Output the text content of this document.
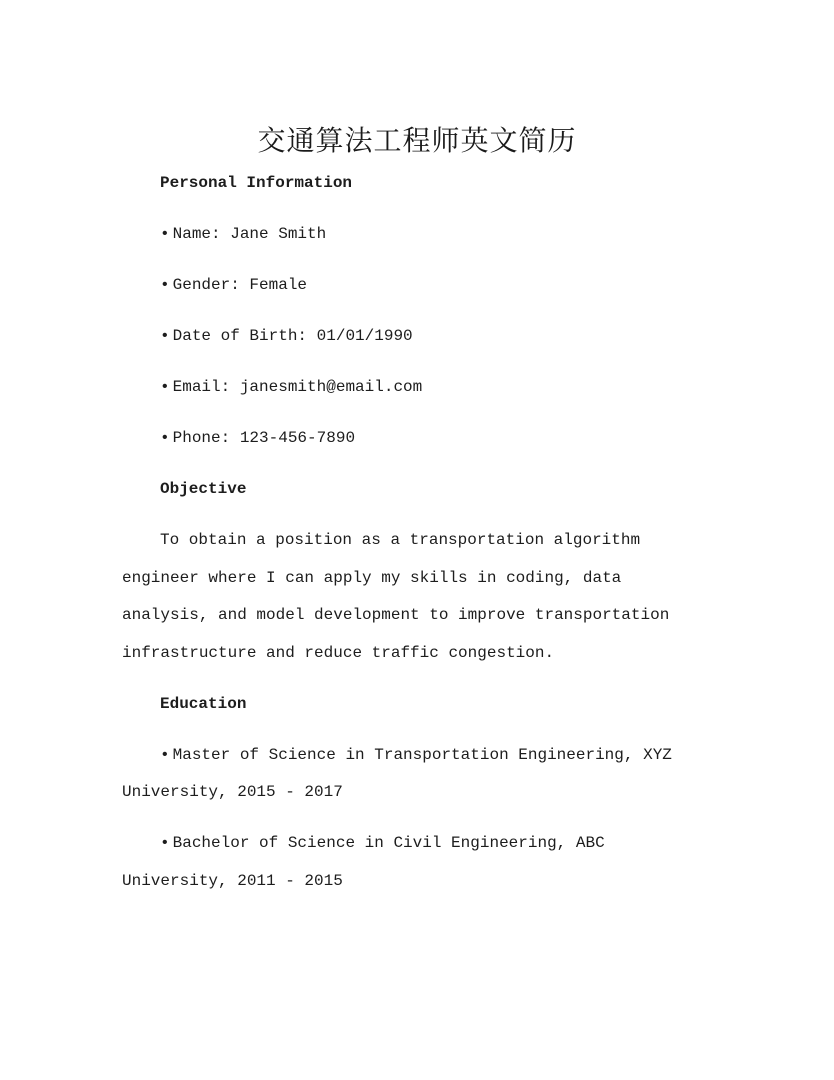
交通算法工程师英文简历
Personal Information

• Name: Jane Smith

• Gender: Female

• Date of Birth: 01/01/1990

• Email: janesmith@email.com

• Phone: 123-456-7890

Objective

To obtain a position as a transportation algorithm engineer where I can apply my skills in coding, data analysis, and model development to improve transportation infrastructure and reduce traffic congestion.

Education

• Master of Science in Transportation Engineering, XYZ University, 2015 - 2017

• Bachelor of Science in Civil Engineering, ABC University, 2011 - 2015
